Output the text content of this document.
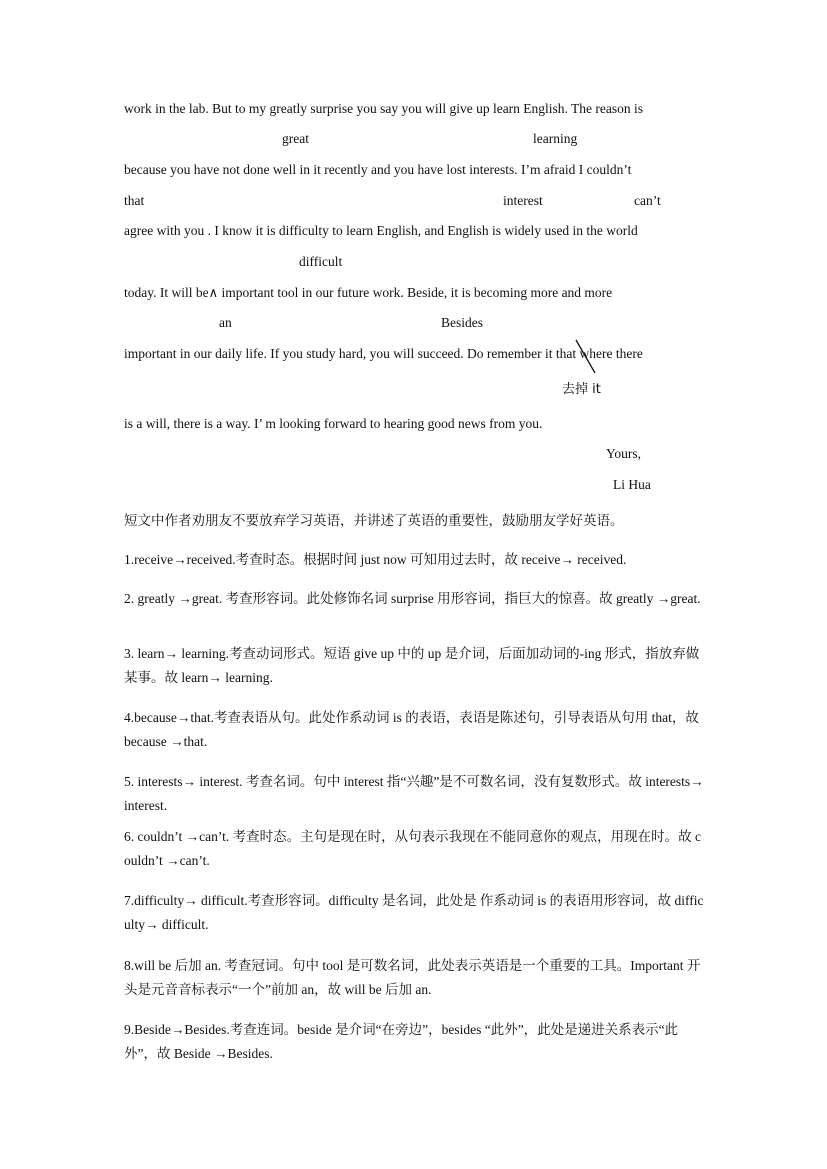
work in the lab. But to my greatly surprise you say you will give up learn English. The reason is
great	learning
because you have not done well in it recently and you have lost interests. I’m afraid I couldn’t
that	interest	can’t
agree with you . I know it is difficulty to learn English, and English is widely used in the world
difficult
today. It will be∧ important tool in our future work. Beside, it is becoming more and more
an	Besides
important in our daily life. If you study hard, you will succeed. Do remember it that where there
去掉 it
is a will, there is a way. I’ m looking forward to hearing good news from you.
Yours,
Li Hua
短文中作者劝朋友不要放弃学习英语，并讲述了英语的重要性，鼓励朋友学好英语。
1.receive→received.考查时态。根据时间 just now 可知用过去时，故 receive→ received.
2. greatly →great. 考查形容词。此处修饰名词 surprise 用形容词，指巨大的惊喜。故 greatly →great.
3. learn→ learning.考查动词形式。短语 give up 中的 up 是介词，后面加动词的-ing 形式，指放弃做某事。故 learn→ learning.
4.because→that.考查表语从句。此处作系动词 is 的表语，表语是陈述句，引导表语从句用 that，故 because →that.
5. interests→ interest. 考查名词。句中 interest 指“兴趣”是不可数名词，没有复数形式。故 interests→ interest.
6. couldn’t →can’t. 考查时态。主句是现在时，从句表示我现在不能同意你的观点，用现在时。故 couldn’t →can’t.
7.difficulty→ difficult.考查形容词。difficulty 是名词，此处是 作系动词 is 的表语用形容词，故 difficulty→ difficult.
8.will be 后加 an. 考查冠词。句中 tool 是可数名词，此处表示英语是一个重要的工具。Important 开头是元音音标表示“一个”前加 an，故 will be 后加 an.
9.Beside→Besides.考查连词。beside 是介词“在旁边”，besides “此外”，此处是递进关系表示“此外”，故 Beside →Besides.
